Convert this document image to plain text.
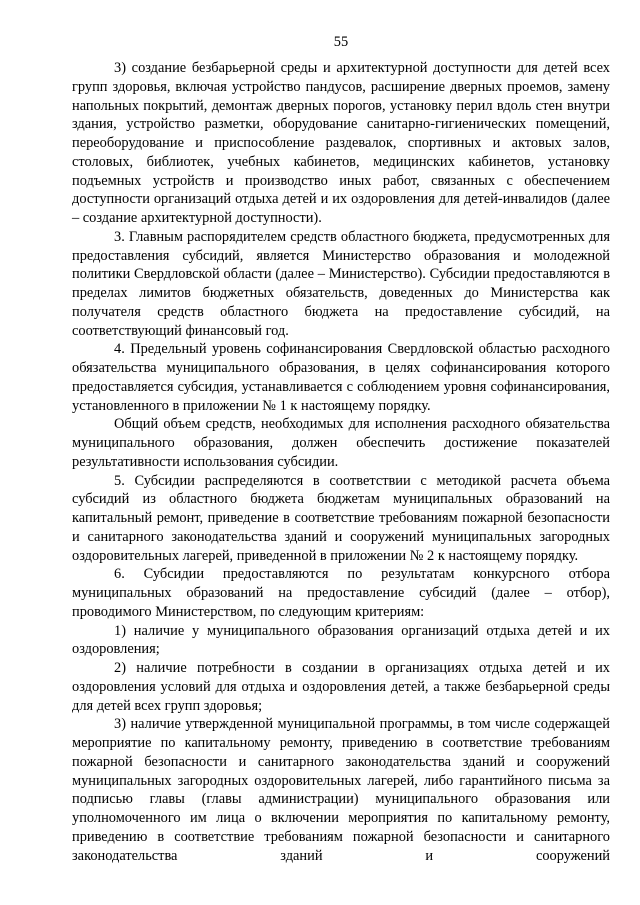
55

3) создание безбарьерной среды и архитектурной доступности для детей всех групп здоровья, включая устройство пандусов, расширение дверных проемов, замену напольных покрытий, демонтаж дверных порогов, установку перил вдоль стен внутри здания, устройство разметки, оборудование санитарно-гигиенических помещений, переоборудование и приспособление раздевалок, спортивных и актовых залов, столовых, библиотек, учебных кабинетов, медицинских кабинетов, установку подъемных устройств и производство иных работ, связанных с обеспечением доступности организаций отдыха детей и их оздоровления для детей-инвалидов (далее – создание архитектурной доступности).

3. Главным распорядителем средств областного бюджета, предусмотренных для предоставления субсидий, является Министерство образования и молодежной политики Свердловской области (далее – Министерство). Субсидии предоставляются в пределах лимитов бюджетных обязательств, доведенных до Министерства как получателя средств областного бюджета на предоставление субсидий, на соответствующий финансовый год.

4. Предельный уровень софинансирования Свердловской областью расходного обязательства муниципального образования, в целях софинансирования которого предоставляется субсидия, устанавливается с соблюдением уровня софинансирования, установленного в приложении № 1 к настоящему порядку.

Общий объем средств, необходимых для исполнения расходного обязательства муниципального образования, должен обеспечить достижение показателей результативности использования субсидии.

5. Субсидии распределяются в соответствии с методикой расчета объема субсидий из областного бюджета бюджетам муниципальных образований на капитальный ремонт, приведение в соответствие требованиям пожарной безопасности и санитарного законодательства зданий и сооружений муниципальных загородных оздоровительных лагерей, приведенной в приложении № 2 к настоящему порядку.

6. Субсидии предоставляются по результатам конкурсного отбора муниципальных образований на предоставление субсидий (далее – отбор), проводимого Министерством, по следующим критериям:

1) наличие у муниципального образования организаций отдыха детей и их оздоровления;

2) наличие потребности в создании в организациях отдыха детей и их оздоровления условий для отдыха и оздоровления детей, а также безбарьерной среды для детей всех групп здоровья;

3) наличие утвержденной муниципальной программы, в том числе содержащей мероприятие по капитальному ремонту, приведению в соответствие требованиям пожарной безопасности и санитарного законодательства зданий и сооружений муниципальных загородных оздоровительных лагерей, либо гарантийного письма за подписью главы (главы администрации) муниципального образования или уполномоченного им лица о включении мероприятия по капитальному ремонту, приведению в соответствие требованиям пожарной безопасности и санитарного законодательства зданий и сооружений
